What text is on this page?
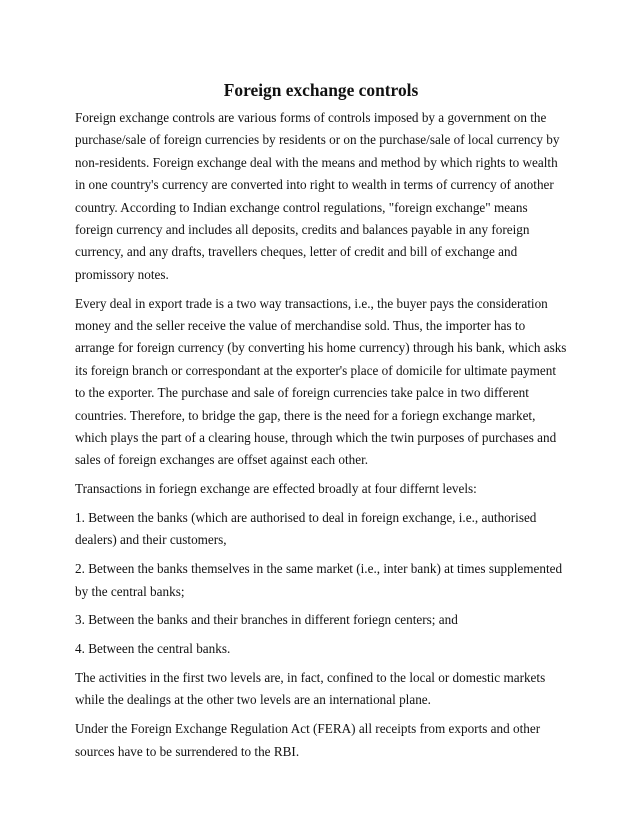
Foreign exchange controls

Foreign exchange controls are various forms of controls imposed by a government on the purchase/sale of foreign currencies by residents or on the purchase/sale of local currency by non-residents. Foreign exchange deal with the means and method by which rights to wealth in one country's currency are converted into right to wealth in terms of currency of another country. According to Indian exchange control regulations, "foreign exchange" means foreign currency and includes all deposits, credits and balances payable in any foreign currency, and any drafts, travellers cheques, letter of credit and bill of exchange and promissory notes.

Every deal in export trade is a two way transactions, i.e., the buyer pays the consideration money and the seller receive the value of merchandise sold. Thus, the importer has to arrange for foreign currency (by converting his home currency) through his bank, which asks its foreign branch or correspondant at the exporter's place of domicile for ultimate payment to the exporter. The purchase and sale of foreign currencies take palce in two different countries. Therefore, to bridge the gap, there is the need for a foriegn exchange market, which plays the part of a clearing house, through which the twin purposes of purchases and sales of foreign exchanges are offset against each other.

Transactions in foriegn exchange are effected broadly at four differnt levels:

1. Between the banks (which are authorised to deal in foreign exchange, i.e., authorised dealers) and their customers,

2. Between the banks themselves in the same market (i.e., inter bank) at times supplemented by the central banks;

3. Between the banks and their branches in different foriegn centers; and

4. Between the central banks.

The activities in the first two levels are, in fact, confined to the local or domestic markets while the dealings at the other two levels are an international plane.

Under the Foreign Exchange Regulation Act (FERA) all receipts from exports and other sources have to be surrendered to the RBI.
